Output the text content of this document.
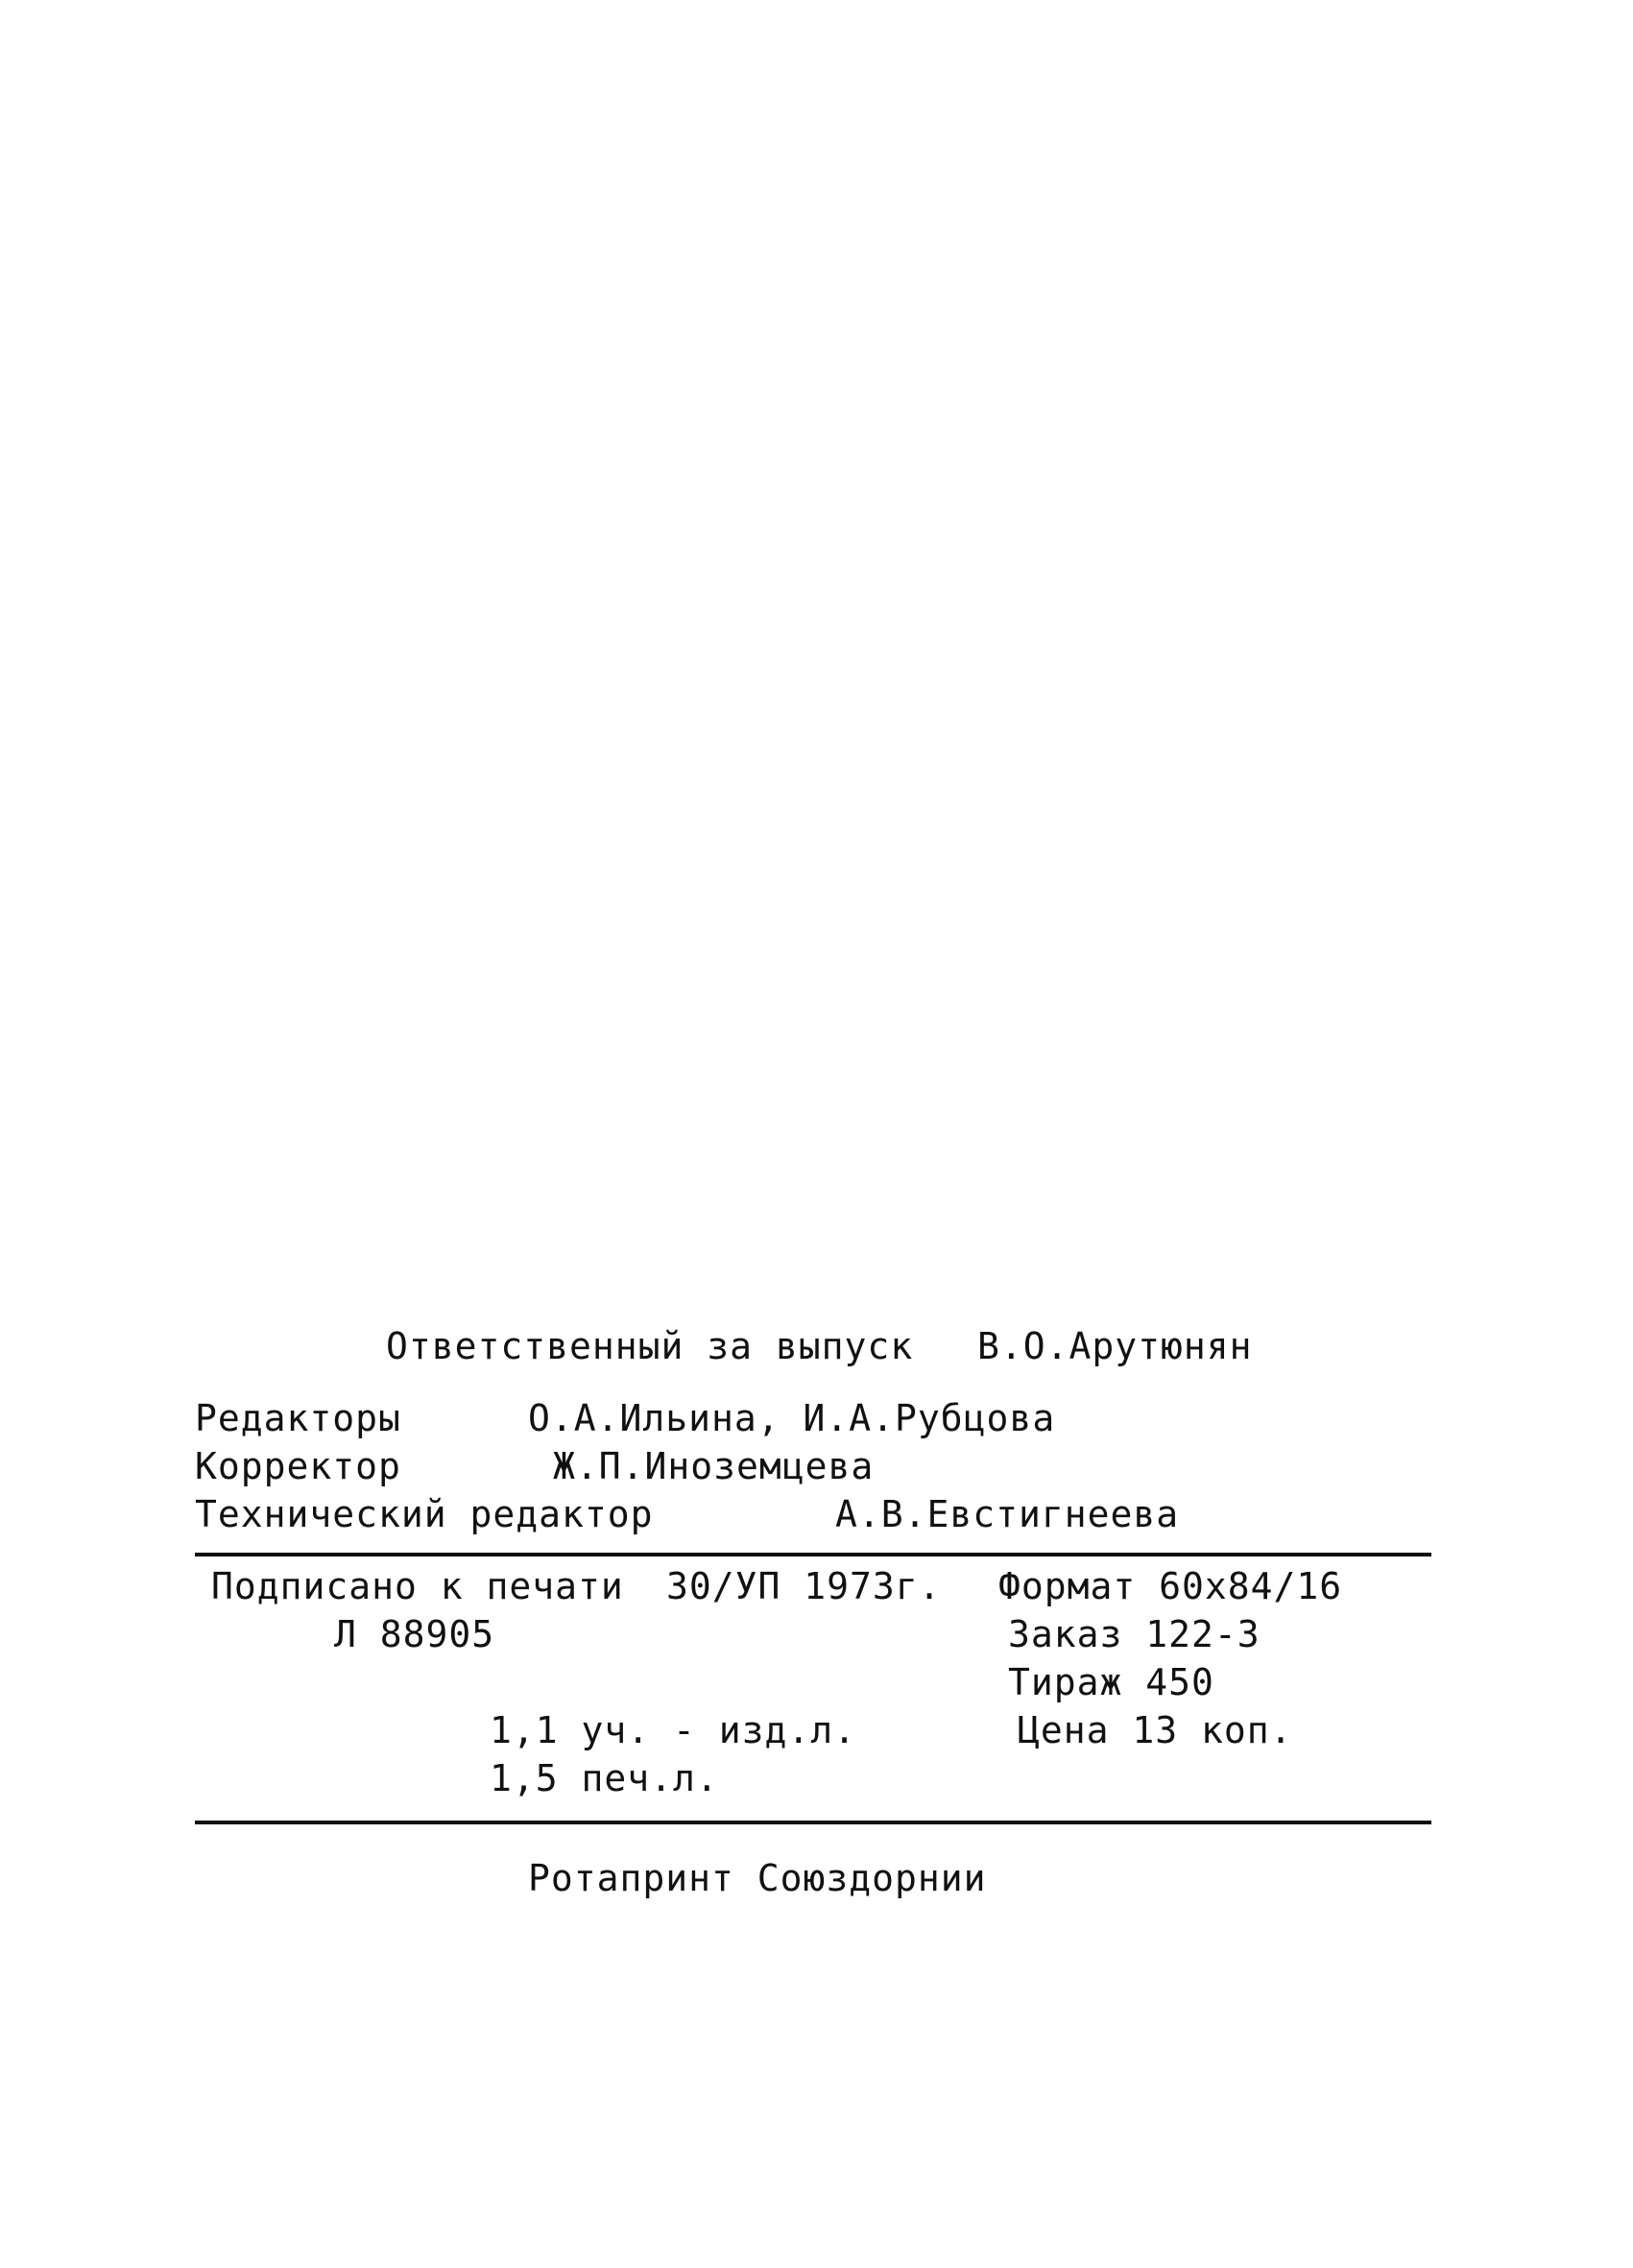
Ответственный за выпуск В.О.Арутюнян
Редакторы	О.А.Ильина, И.А.Рубцова
Корректор	Ж.П.Иноземцева
Технический редактор	А.В.Евстигнеева
Подписано к печати 30/УП 1973г. Формат 60х84/16
Л 88905	Заказ 122-3
Тираж 450
1,1 уч. - изд.л.	Цена 13 коп.
1,5 печ.л.
Ротапринт Союздорнии
